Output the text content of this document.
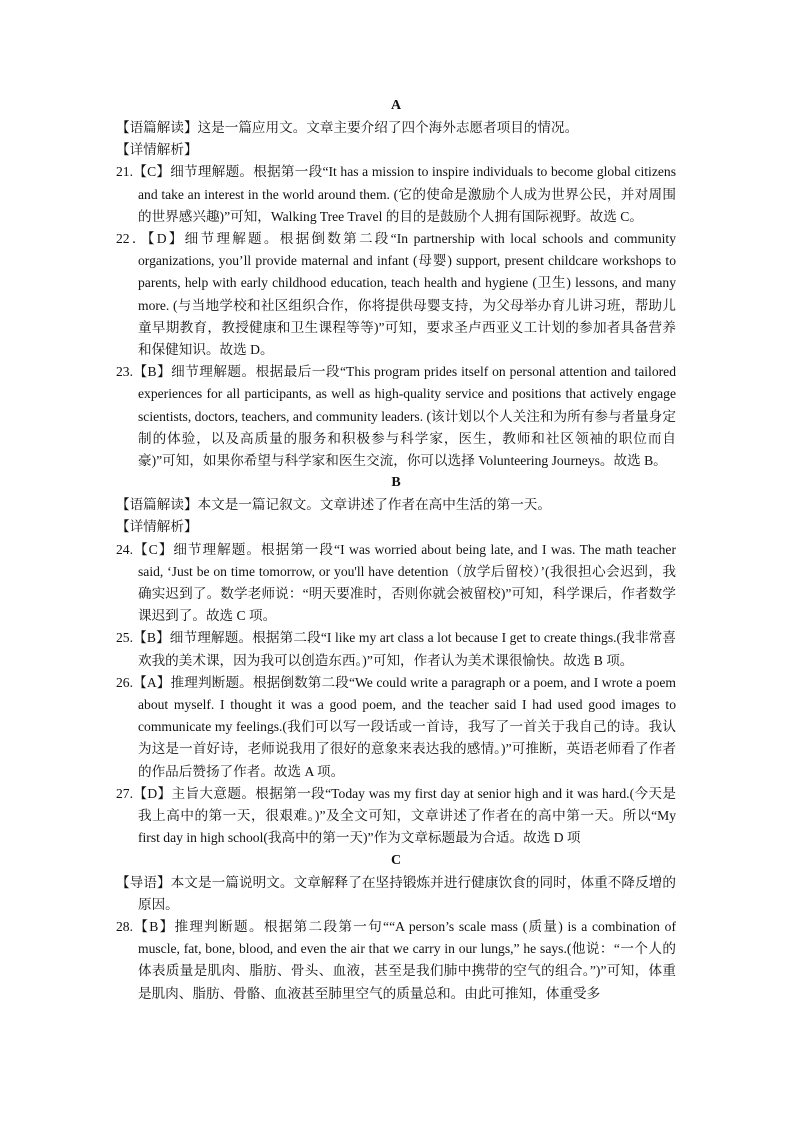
A
【语篇解读】这是一篇应用文。文章主要介绍了四个海外志愿者项目的情况。
【详情解析】
21.【C】细节理解题。根据第一段“It has a mission to inspire individuals to become global citizens and take an interest in the world around them. (它的使命是激励个人成为世界公民，并对周围的世界感兴趣)”可知，Walking Tree Travel 的目的是鼓励个人拥有国际视野。故选 C。
22．【D】细节理解题。根据倒数第二段“In partnership with local schools and community organizations, you’ll provide maternal and infant (母婴) support, present childcare workshops to parents, help with early childhood education, teach health and hygiene (卫生) lessons, and many more. (与当地学校和社区组织合作，你将提供母婴支持，为父母举办育儿讲习班，帮助儿童早期教育，教授健康和卫生课程等等)”可知，要求圣卢西亚义工计划的参加者具备营养和保健知识。故选 D。
23.【B】细节理解题。根据最后一段“This program prides itself on personal attention and tailored experiences for all participants, as well as high-quality service and positions that actively engage scientists, doctors, teachers, and community leaders. (该计划以个人关注和为所有参与者量身定制的体验，以及高质量的服务和积极参与科学家，医生，教师和社区领袖的职位而自豪)”可知，如果你希望与科学家和医生交流，你可以选择 Volunteering Journeys。故选 B。
B
【语篇解读】本文是一篇记叙文。文章讲述了作者在高中生活的第一天。
【详情解析】
24.【C】细节理解题。根据第一段“I was worried about being late, and I was. The math teacher said, ‘Just be on time tomorrow, or you'll have detention（放学后留校）’(我很担心会迟到，我确实迟到了。数学老师说：“明天要准时，否则你就会被留校)”可知，科学课后，作者数学课迟到了。故选 C 项。
25.【B】细节理解题。根据第二段“I like my art class a lot because I get to create things.(我非常喜欢我的美术课，因为我可以创造东西。)”可知，作者认为美术课很愉快。故选 B 项。
26.【A】推理判断题。根据倒数第二段“We could write a paragraph or a poem, and I wrote a poem about myself. I thought it was a good poem, and the teacher said I had used good images to communicate my feelings.(我们可以写一段话或一首诗，我写了一首关于我自己的诗。我认为这是一首好诗，老师说我用了很好的意象来表达我的感情。)”可推断，英语老师看了作者的作品后赞扬了作者。故选 A 项。
27.【D】主旨大意题。根据第一段“Today was my first day at senior high and it was hard.(今天是我上高中的第一天，很艰难。)”及全文可知，文章讲述了作者在的高中第一天。所以“My first day in high school(我高中的第一天)”作为文章标题最为合适。故选 D 项
C
【导语】本文是一篇说明文。文章解释了在坚持锻炼并进行健康饮食的同时，体重不降反增的原因。
28.【B】推理判断题。根据第二段第一句““A person’s scale mass (质量) is a combination of muscle, fat, bone, blood, and even the air that we carry in our lungs,” he says.(他说：“一个人的体表质量是肌肉、脂肪、骨头、血液，甚至是我们肺中携带的空气的组合。”)”可知，体重是肌肉、脂肪、骨骼、血液甚至肺里空气的质量总和。由此可推知，体重受多
